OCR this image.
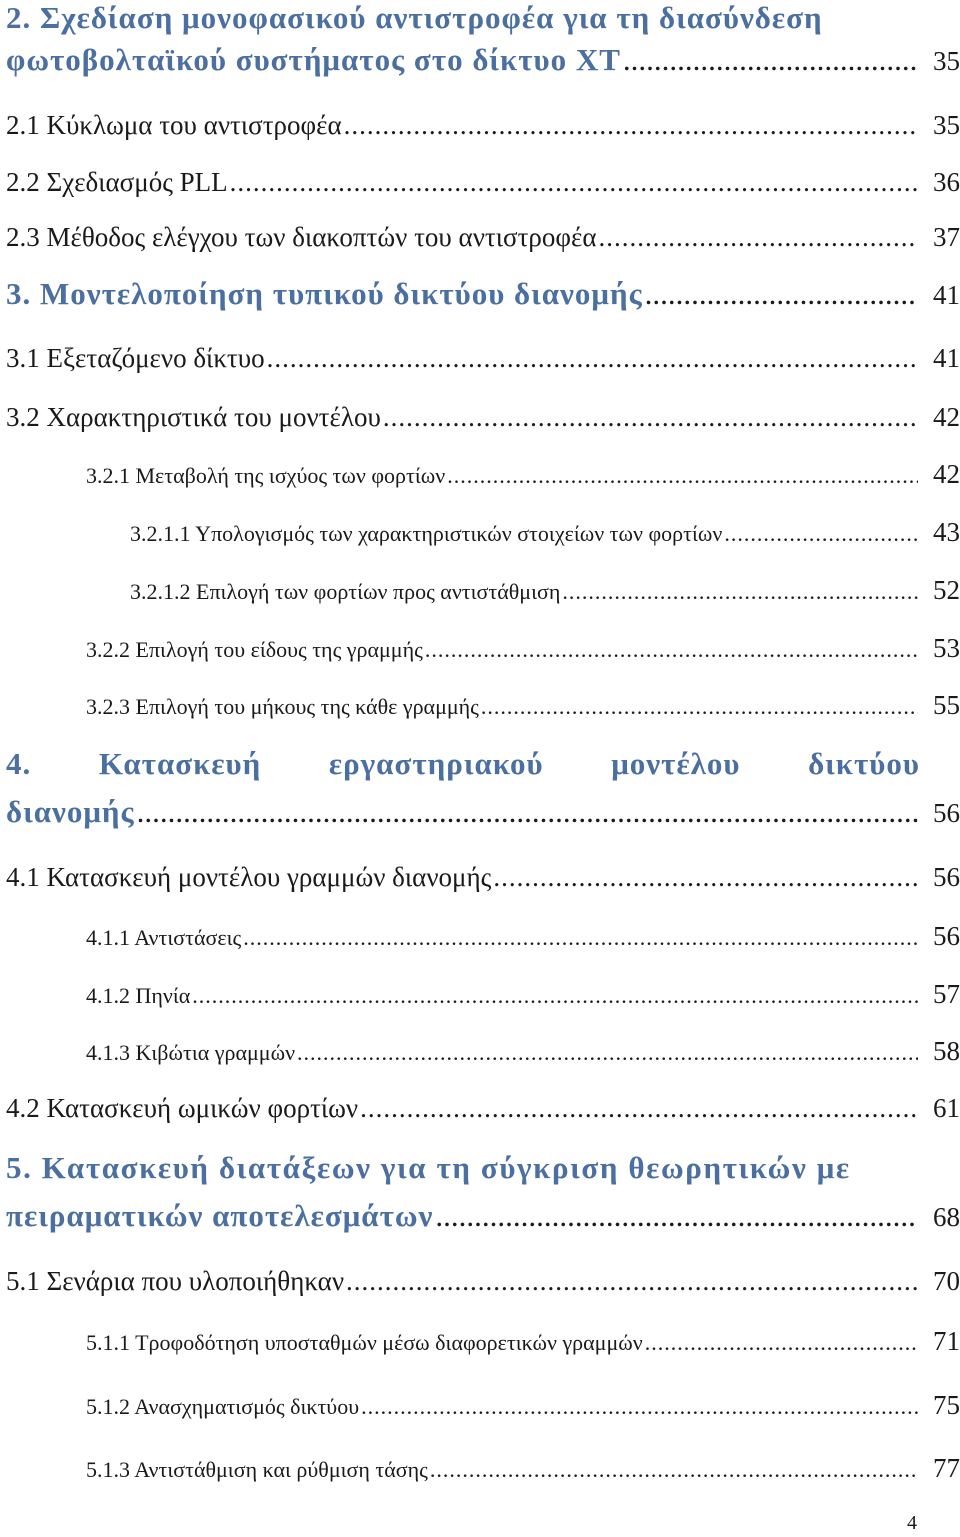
2. Σχεδίαση μονοφασικού αντιστροφέα για τη διασύνδεση
φωτοβολταϊκού συστήματος στο δίκτυο ΧΤ .....	35
2.1 Κύκλωμα του αντιστροφέα .....	35
2.2 Σχεδιασμός PLL .....	36
2.3 Μέθοδος ελέγχου των διακοπτών του αντιστροφέα .....	37
3. Μοντελοποίηση τυπικού δικτύου διανομής .....	41
3.1 Εξεταζόμενο δίκτυο .....	41
3.2 Χαρακτηριστικά του μοντέλου .....	42
3.2.1 Μεταβολή της ισχύος των φορτίων .....	42
3.2.1.1 Υπολογισμός των χαρακτηριστικών στοιχείων των φορτίων .....	43
3.2.1.2 Επιλογή των φορτίων προς αντιστάθμιση .....	52
3.2.2 Επιλογή του είδους της γραμμής .....	53
3.2.3 Επιλογή του μήκους της κάθε γραμμής .....	55
4. Κατασκευή εργαστηριακού μοντέλου δικτύου
διανομής .....	56
4.1 Κατασκευή μοντέλου γραμμών διανομής .....	56
4.1.1 Αντιστάσεις .....	56
4.1.2 Πηνία .....	57
4.1.3 Κιβώτια γραμμών .....	58
4.2 Κατασκευή ωμικών φορτίων .....	61
5. Κατασκευή διατάξεων για τη σύγκριση θεωρητικών με
πειραματικών αποτελεσμάτων .....	68
5.1 Σενάρια που υλοποιήθηκαν .....	70
5.1.1 Τροφοδότηση υποσταθμών μέσω διαφορετικών γραμμών .....	71
5.1.2 Ανασχηματισμός δικτύου .....	75
5.1.3 Αντιστάθμιση και ρύθμιση τάσης .....	77
4
